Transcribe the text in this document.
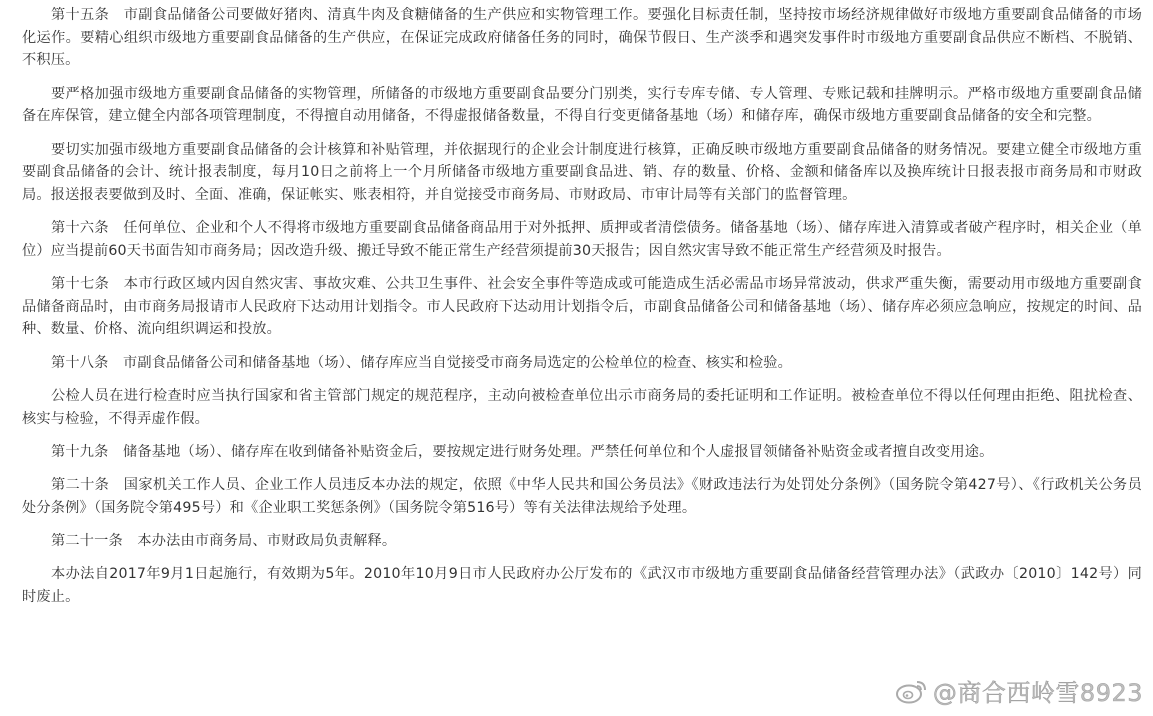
第十五条　市副食品储备公司要做好猪肉、清真牛肉及食糖储备的生产供应和实物管理工作。要强化目标责任制，坚持按市场经济规律做好市级地方重要副食品储备的市场化运作。要精心组织市级地方重要副食品储备的生产供应，在保证完成政府储备任务的同时，确保节假日、生产淡季和遇突发事件时市级地方重要副食品供应不断档、不脱销、不积压。

要严格加强市级地方重要副食品储备的实物管理，所储备的市级地方重要副食品要分门别类，实行专库专储、专人管理、专账记载和挂牌明示。严格市级地方重要副食品储备在库保管，建立健全内部各项管理制度，不得擅自动用储备，不得虚报储备数量，不得自行变更储备基地（场）和储存库，确保市级地方重要副食品储备的安全和完整。

要切实加强市级地方重要副食品储备的会计核算和补贴管理，并依据现行的企业会计制度进行核算，正确反映市级地方重要副食品储备的财务情况。要建立健全市级地方重要副食品储备的会计、统计报表制度，每月10日之前将上一个月所储备市级地方重要副食品进、销、存的数量、价格、金额和储备库以及换库统计日报表报市商务局和市财政局。报送报表要做到及时、全面、准确，保证帐实、账表相符，并自觉接受市商务局、市财政局、市审计局等有关部门的监督管理。

第十六条　任何单位、企业和个人不得将市级地方重要副食品储备商品用于对外抵押、质押或者清偿债务。储备基地（场）、储存库进入清算或者破产程序时，相关企业（单位）应当提前60天书面告知市商务局；因改造升级、搬迁导致不能正常生产经营须提前30天报告；因自然灾害导致不能正常生产经营须及时报告。

第十七条　本市行政区域内因自然灾害、事故灾难、公共卫生事件、社会安全事件等造成或可能造成生活必需品市场异常波动，供求严重失衡，需要动用市级地方重要副食品储备商品时，由市商务局报请市人民政府下达动用计划指令。市人民政府下达动用计划指令后，市副食品储备公司和储备基地（场）、储存库必须应急响应，按规定的时间、品种、数量、价格、流向组织调运和投放。

第十八条　市副食品储备公司和储备基地（场）、储存库应当自觉接受市商务局选定的公检单位的检查、核实和检验。

公检人员在进行检查时应当执行国家和省主管部门规定的规范程序，主动向被检查单位出示市商务局的委托证明和工作证明。被检查单位不得以任何理由拒绝、阻扰检查、核实与检验，不得弄虚作假。

第十九条　储备基地（场）、储存库在收到储备补贴资金后，要按规定进行财务处理。严禁任何单位和个人虚报冒领储备补贴资金或者擅自改变用途。

第二十条　国家机关工作人员、企业工作人员违反本办法的规定，依照《中华人民共和国公务员法》《财政违法行为处罚处分条例》（国务院令第427号）、《行政机关公务员处分条例》（国务院令第495号）和《企业职工奖惩条例》（国务院令第516号）等有关法律法规给予处理。

第二十一条　本办法由市商务局、市财政局负责解释。

本办法自2017年9月1日起施行，有效期为5年。2010年10月9日市人民政府办公厅发布的《武汉市市级地方重要副食品储备经营管理办法》（武政办〔2010〕142号）同时废止。

@商合西岭雪8923
